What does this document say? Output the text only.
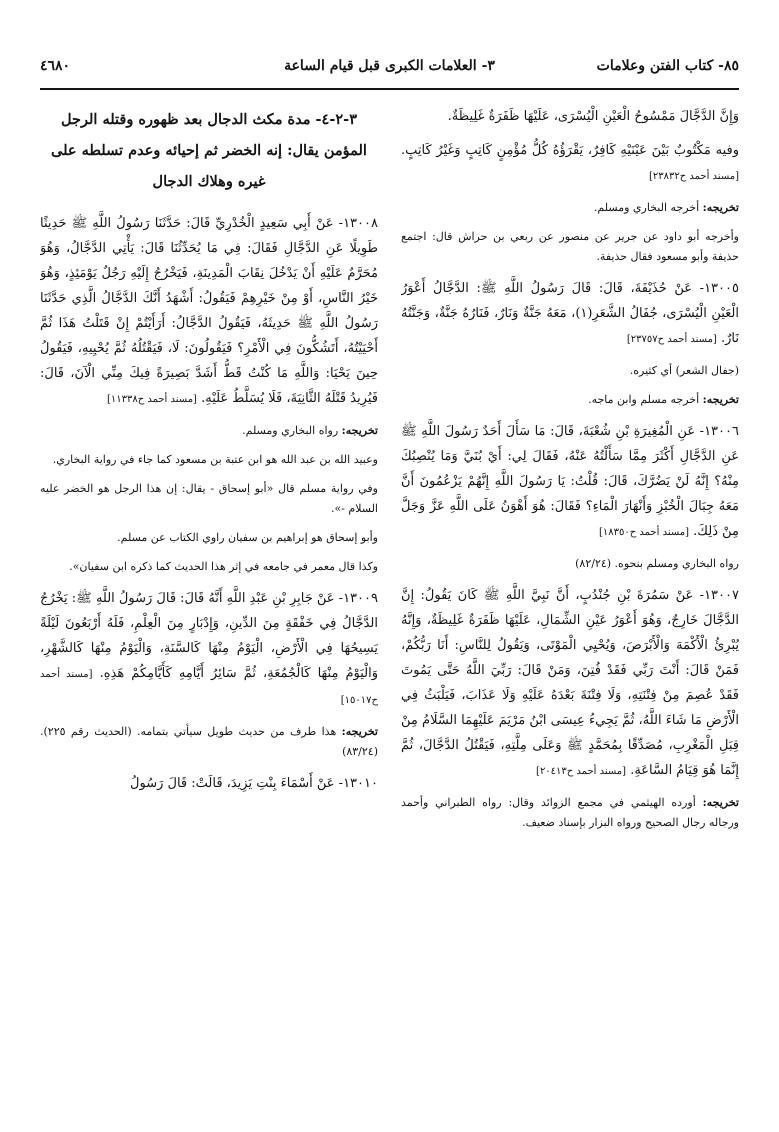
٨٥- كتاب الفتن وعلامات
٣- العلامات الكبرى قبل قيام الساعة
٤٦٨٠

وَإِنَّ الدَّجَّالَ مَمْسُوحُ الْعَيْنِ الْيُسْرَى، عَلَيْهَا ظَفَرَةٌ غَلِيظَةٌ.

وفيه مَكْتُوبٌ بَيْنَ عَيْنَيْهِ كَافِرٌ، يَقْرَؤُهُ كُلُّ مُؤْمِنٍ كَاتِبٍ وَغَيْرُ كَاتِبٍ. [مسند أحمد ح٢٣٨٣٢]

تخريجه: أخرجه البخاري ومسلم.

وأخرجه أبو داود عن جرير عن منصور عن ربعي بن حراش قال: اجتمع حذيفة وأبو مسعود فقال حذيفة.

١٣٠٠٥- عَنْ حُذَيْفَةَ، قَالَ: قَالَ رَسُولُ اللَّهِ ﷺ: الدَّجَّالُ أَعْوَرُ الْعَيْنِ الْيُسْرَى، جُفَالُ الشَّعَرِ(١)، مَعَهُ جَنَّةٌ وَنَارٌ، فَنَارُهُ جَنَّةٌ، وَجَنَّتُهُ نَارٌ. [مسند أحمد ح٢٣٧٥٧]

(جفال الشعر) أي كثيره.

تخريجه: أخرجه مسلم وابن ماجه.

١٣٠٠٦- عَنِ الْمُغِيرَةِ بْنِ شُعْبَةَ، قَالَ: مَا سَأَلَ أَحَدٌ رَسُولَ اللَّهِ ﷺ عَنِ الدَّجَّالِ أَكْثَرَ مِمَّا سَأَلْتُهُ عَنْهُ، فَقَالَ لِي: أَيْ بُنَيَّ وَمَا يُنْصِبُكَ مِنْهُ؟ إِنَّهُ لَنْ يَضُرَّكَ، قَالَ: قُلْتُ: يَا رَسُولَ اللَّهِ إِنَّهُمْ يَزْعُمُونَ أَنَّ مَعَهُ جِبَالَ الْخُبْزِ وَأَنْهَارَ الْمَاءِ؟ فَقَالَ: هُوَ أَهْوَنُ عَلَى اللَّهِ عَزَّ وَجَلَّ مِنْ ذَلِكَ. [مسند أحمد ح١٨٣٥٠]

رواه البخاري ومسلم بنحوه. (٨٢/٢٤)

١٣٠٠٧- عَنْ سَمُرَةَ بْنِ جُنْدُبٍ، أَنَّ نَبِيَّ اللَّهِ ﷺ كَانَ يَقُولُ: إِنَّ الدَّجَّالَ خَارِجٌ، وَهُوَ أَعْوَرُ عَيْنِ الشِّمَالِ، عَلَيْهَا ظَفَرَةٌ غَلِيظَةٌ، وَإِنَّهُ يُبْرِئُ الْأَكْمَهَ وَالْأَبْرَصَ، وَيُحْيِي الْمَوْتَى، وَيَقُولُ لِلنَّاسِ: أَنَا رَبُّكُمْ، فَمَنْ قَالَ: أَنْتَ رَبِّي فَقَدْ فُتِنَ، وَمَنْ قَالَ: رَبِّيَ اللَّهُ حَتَّى يَمُوتَ فَقَدْ عُصِمَ مِنْ فِتْنَتِهِ، وَلَا فِتْنَةَ بَعْدَهُ عَلَيْهِ وَلَا عَذَابَ، فَيَلْبَثُ فِي الْأَرْضِ مَا شَاءَ اللَّهُ، ثُمَّ يَجِيءُ عِيسَى ابْنُ مَرْيَمَ عَلَيْهِمَا السَّلَامُ مِنْ قِبَلِ الْمَغْرِبِ، مُصَدِّقًا بِمُحَمَّدٍ ﷺ وَعَلَى مِلَّتِهِ، فَيَقْتُلُ الدَّجَّالَ، ثُمَّ إِنَّمَا هُوَ قِيَامُ السَّاعَةِ. [مسند أحمد ح٢٠٤١٣]

تخريجه: أورده الهيثمي في مجمع الزوائد وقال: رواه الطبراني وأحمد ورجاله رجال الصحيح ورواه البزار بإسناد ضعيف.

٣-٢-٤- مدة مكث الدجال بعد ظهوره وقتله الرجل المؤمن يقال: إنه الخضر ثم إحيائه وعدم تسلطه على غيره وهلاك الدجال

١٣٠٠٨- عَنْ أَبِي سَعِيدٍ الْخُدْرِيِّ قَالَ: حَدَّثَنَا رَسُولُ اللَّهِ ﷺ حَدِيثًا طَوِيلًا عَنِ الدَّجَّالِ فَقَالَ: فِي مَا يُحَدِّثُنَا قَالَ: يَأْتِي الدَّجَّالُ، وَهُوَ مُحَرَّمٌ عَلَيْهِ أَنْ يَدْخُلَ نِقَابَ الْمَدِينَةِ، فَيَخْرُجُ إِلَيْهِ رَجُلٌ يَوْمَئِذٍ، وَهُوَ خَيْرُ النَّاسِ، أَوْ مِنْ خَيْرِهِمْ فَيَقُولُ: أَشْهَدُ أَنَّكَ الدَّجَّالُ الَّذِي حَدَّثَنَا رَسُولُ اللَّهِ ﷺ حَدِيثَهُ، فَيَقُولُ الدَّجَّالُ: أَرَأَيْتُمْ إِنْ قَتَلْتُ هَذَا ثُمَّ أَحْيَيْتُهُ، أَتَشُكُّونَ فِي الْأَمْرِ؟ فَيَقُولُونَ: لَا، فَيَقْتُلُهُ ثُمَّ يُحْيِيهِ، فَيَقُولُ حِينَ يَحْيَا: وَاللَّهِ مَا كُنْتُ قَطُّ أَشَدَّ بَصِيرَةً فِيكَ مِنِّي الْآنَ، قَالَ: فَيُرِيدُ قَتْلَهُ الثَّانِيَةَ، فَلَا يُسَلَّطُ عَلَيْهِ. [مسند أحمد ح١١٣٣٨]

تخريجه: رواه البخاري ومسلم.

وعبيد الله بن عبد الله هو ابن عتبة بن مسعود كما جاء في رواية البخاري.

وفي رواية مسلم قال «أبو إسحاق - يقال: إن هذا الرجل هو الخضر عليه السلام -».

وأبو إسحاق هو إبراهيم بن سفيان راوي الكتاب عن مسلم.

وكذا قال معمر في جامعه في إثر هذا الحديث كما ذكره ابن سفيان».

١٣٠٠٩- عَنْ جَابِرِ بْنِ عَبْدِ اللَّهِ أَنَّهُ قَالَ: قَالَ رَسُولُ اللَّهِ ﷺ: يَخْرُجُ الدَّجَّالُ فِي خَفْقَةٍ مِنَ الدِّينِ، وَإِدْبَارٍ مِنَ الْعِلْمِ، فَلَهُ أَرْبَعُونَ لَيْلَةً يَسِيحُهَا فِي الْأَرْضِ، الْيَوْمُ مِنْهَا كَالسَّنَةِ، وَالْيَوْمُ مِنْهَا كَالشَّهْرِ، وَالْيَوْمُ مِنْهَا كَالْجُمُعَةِ، ثُمَّ سَائِرُ أَيَّامِهِ كَأَيَّامِكُمْ هَذِهِ. [مسند أحمد ح١٥٠١٧]

تخريجه: هذا طرف من حديث طويل سيأتي بتمامه. (الحديث رقم ٢٢٥). (٨٣/٢٤)

١٣٠١٠- عَنْ أَسْمَاءَ بِنْتِ يَزِيدَ، قَالَتْ: قَالَ رَسُولُ
